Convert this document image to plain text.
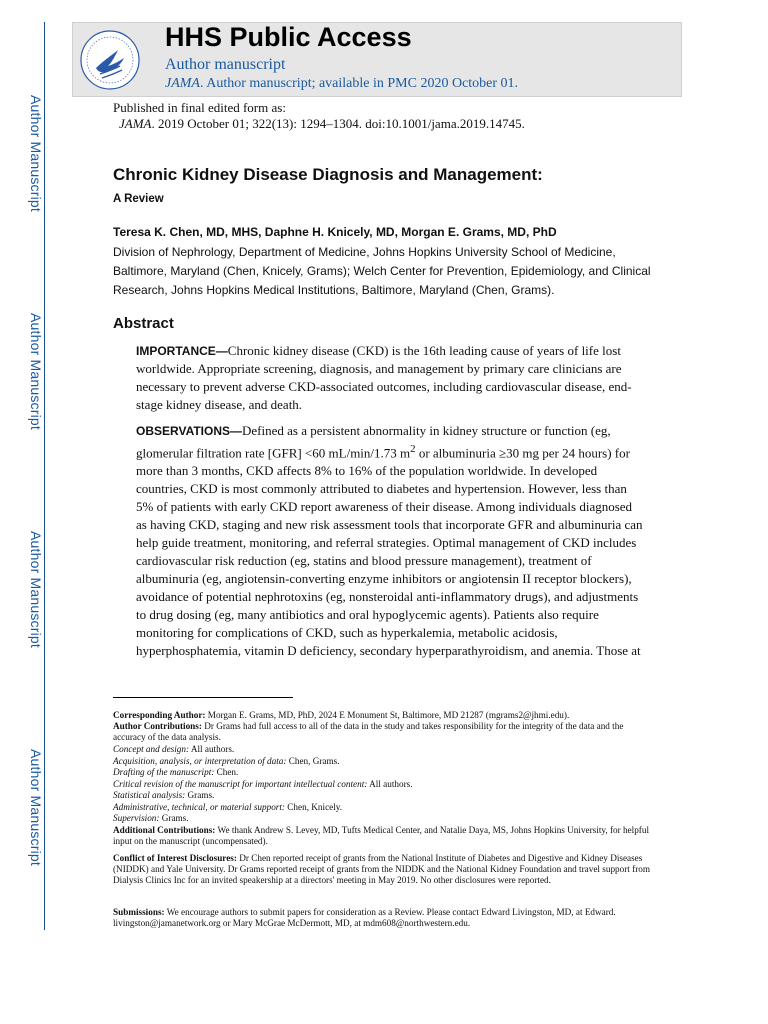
Author Manuscript
Author Manuscript
Author Manuscript
Author Manuscript
HHS Public Access
Author manuscript
JAMA. Author manuscript; available in PMC 2020 October 01.
Published in final edited form as:
JAMA. 2019 October 01; 322(13): 1294–1304. doi:10.1001/jama.2019.14745.
Chronic Kidney Disease Diagnosis and Management:
A Review
Teresa K. Chen, MD, MHS, Daphne H. Knicely, MD, Morgan E. Grams, MD, PhD
Division of Nephrology, Department of Medicine, Johns Hopkins University School of Medicine, Baltimore, Maryland (Chen, Knicely, Grams); Welch Center for Prevention, Epidemiology, and Clinical Research, Johns Hopkins Medical Institutions, Baltimore, Maryland (Chen, Grams).
Abstract

IMPORTANCE—Chronic kidney disease (CKD) is the 16th leading cause of years of life lost worldwide. Appropriate screening, diagnosis, and management by primary care clinicians are necessary to prevent adverse CKD-associated outcomes, including cardiovascular disease, end-stage kidney disease, and death.

OBSERVATIONS—Defined as a persistent abnormality in kidney structure or function (eg, glomerular filtration rate [GFR] <60 mL/min/1.73 $m^2$ or albuminuria ≥30 mg per 24 hours) for more than 3 months, CKD affects 8% to 16% of the population worldwide. In developed countries, CKD is most commonly attributed to diabetes and hypertension. However, less than 5% of patients with early CKD report awareness of their disease. Among individuals diagnosed as having CKD, staging and new risk assessment tools that incorporate GFR and albuminuria can help guide treatment, monitoring, and referral strategies. Optimal management of CKD includes cardiovascular risk reduction (eg, statins and blood pressure management), treatment of albuminuria (eg, angiotensin-converting enzyme inhibitors or angiotensin II receptor blockers), avoidance of potential nephrotoxins (eg, nonsteroidal anti-inflammatory drugs), and adjustments to drug dosing (eg, many antibiotics and oral hypoglycemic agents). Patients also require monitoring for complications of CKD, such as hyperkalemia, metabolic acidosis, hyperphosphatemia, vitamin D deficiency, secondary hyperparathyroidism, and anemia. Those at

Corresponding Author: Morgan E. Grams, MD, PhD, 2024 E Monument St, Baltimore, MD 21287 (mgrams2@jhmi.edu).

Author Contributions: Dr Grams had full access to all of the data in the study and takes responsibility for the integrity of the data and the accuracy of the data analysis.

Concept and design: All authors.

Acquisition, analysis, or interpretation of data: Chen, Grams.

Drafting of the manuscript: Chen.

Critical revision of the manuscript for important intellectual content: All authors.

Statistical analysis: Grams.

Administrative, technical, or material support: Chen, Knicely.

Supervision: Grams.

Additional Contributions: We thank Andrew S. Levey, MD, Tufts Medical Center, and Natalie Daya, MS, Johns Hopkins University, for helpful input on the manuscript (uncompensated).

Conflict of Interest Disclosures: Dr Chen reported receipt of grants from the National Institute of Diabetes and Digestive and Kidney Diseases (NIDDK) and Yale University. Dr Grams reported receipt of grants from the NIDDK and the National Kidney Foundation and travel support from Dialysis Clinics Inc for an invited speakership at a directors' meeting in May 2019. No other disclosures were reported.

Submissions: We encourage authors to submit papers for consideration as a Review. Please contact Edward Livingston, MD, at Edward. livingston@jamanetwork.org or Mary McGrae McDermott, MD, at mdm608@northwestern.edu.
